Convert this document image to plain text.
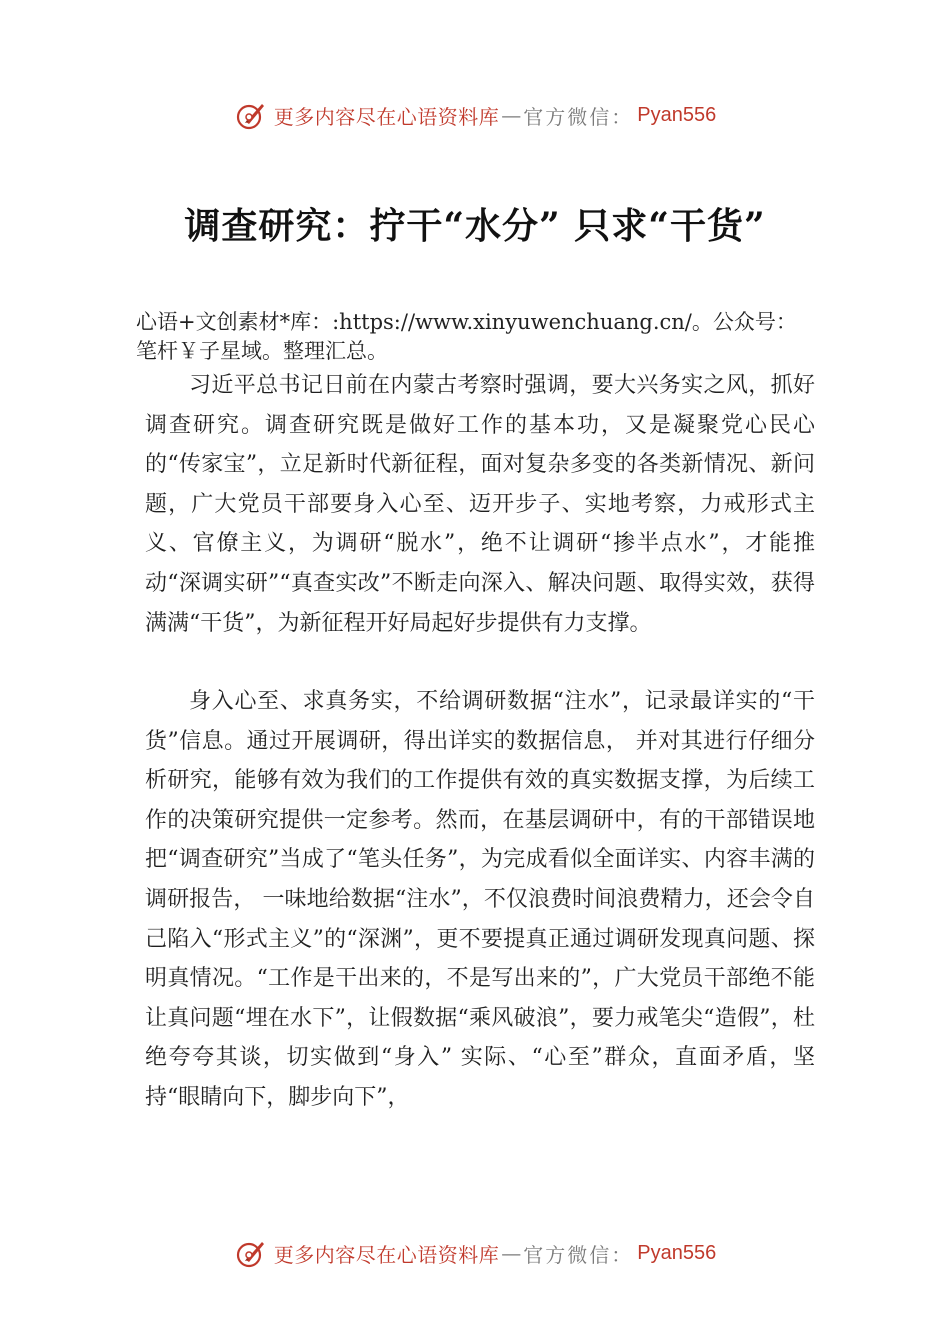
更多内容尽在心语资料库 — 官方微信： Pyan556
调查研究：拧干“水分” 只求“干货”
心语+文创素材*库：:https://www.xinyuwenchuang.cn/。公众号：笔杆￥子星域。整理汇总。

习近平总书记日前在内蒙古考察时强调，要大兴务实之风，抓好调查研究。调查研究既是做好工作的基本功，又是凝聚党心民心的“传家宝”，立足新时代新征程，面对复杂多变的各类新情况、新问题，广大党员干部要身入心至、迈开步子、实地考察，力戒形式主义、官僚主义，为调研“脱水”，绝不让调研“掺半点水”，才能推动“深调实研”“真查实改”不断走向深入、解决问题、取得实效，获得满满“干货”，为新征程开好局起好步提供有力支撑。

身入心至、求真务实，不给调研数据“注水”，记录最详实的“干货”信息。通过开展调研，得出详实的数据信息， 并对其进行仔细分析研究，能够有效为我们的工作提供有效的真实数据支撑，为后续工作的决策研究提供一定参考。然而，在基层调研中，有的干部错误地把“调查研究”当成了“笔头任务”，为完成看似全面详实、内容丰满的调研报告， 一味地给数据“注水”，不仅浪费时间浪费精力，还会令自己陷入“形式主义”的“深渊”，更不要提真正通过调研发现真问题、探明真情况。“工作是干出来的，不是写出来的”，广大党员干部绝不能让真问题“埋在水下”，让假数据“乘风破浪”，要力戒笔尖“造假”，杜绝夸夸其谈，切实做到“身入” 实际、“心至”群众，直面矛盾，坚持“眼睛向下，脚步向下”，

更多内容尽在心语资料库 — 官方微信： Pyan556
